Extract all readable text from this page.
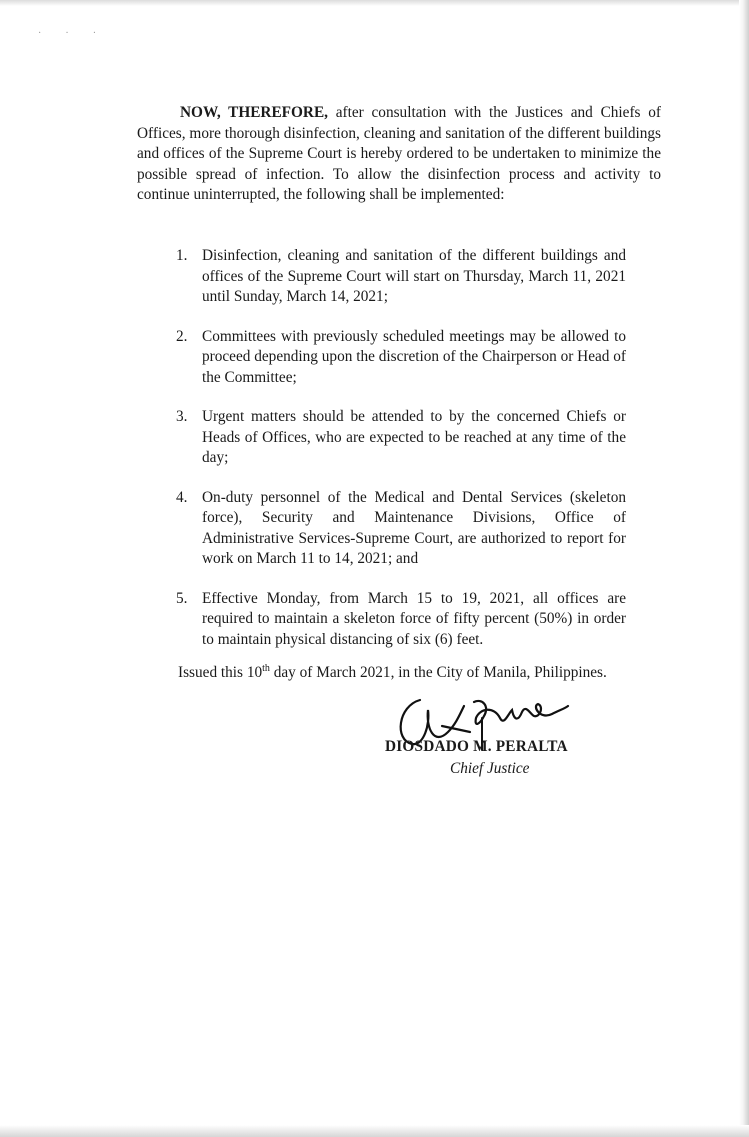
· · ·

NOW, THEREFORE, after consultation with the Justices and Chiefs of Offices, more thorough disinfection, cleaning and sanitation of the different buildings and offices of the Supreme Court is hereby ordered to be undertaken to minimize the possible spread of infection. To allow the disinfection process and activity to continue uninterrupted, the following shall be implemented:

1. Disinfection, cleaning and sanitation of the different buildings and offices of the Supreme Court will start on Thursday, March 11, 2021 until Sunday, March 14, 2021;
2. Committees with previously scheduled meetings may be allowed to proceed depending upon the discretion of the Chairperson or Head of the Committee;
3. Urgent matters should be attended to by the concerned Chiefs or Heads of Offices, who are expected to be reached at any time of the day;
4. On-duty personnel of the Medical and Dental Services (skeleton force), Security and Maintenance Divisions, Office of Administrative Services-Supreme Court, are authorized to report for work on March 11 to 14, 2021; and
5. Effective Monday, from March 15 to 19, 2021, all offices are required to maintain a skeleton force of fifty percent (50%) in order to maintain physical distancing of six (6) feet.
Issued this 10th day of March 2021, in the City of Manila, Philippines.
DIOSDADO M. PERALTA
Chief Justice
